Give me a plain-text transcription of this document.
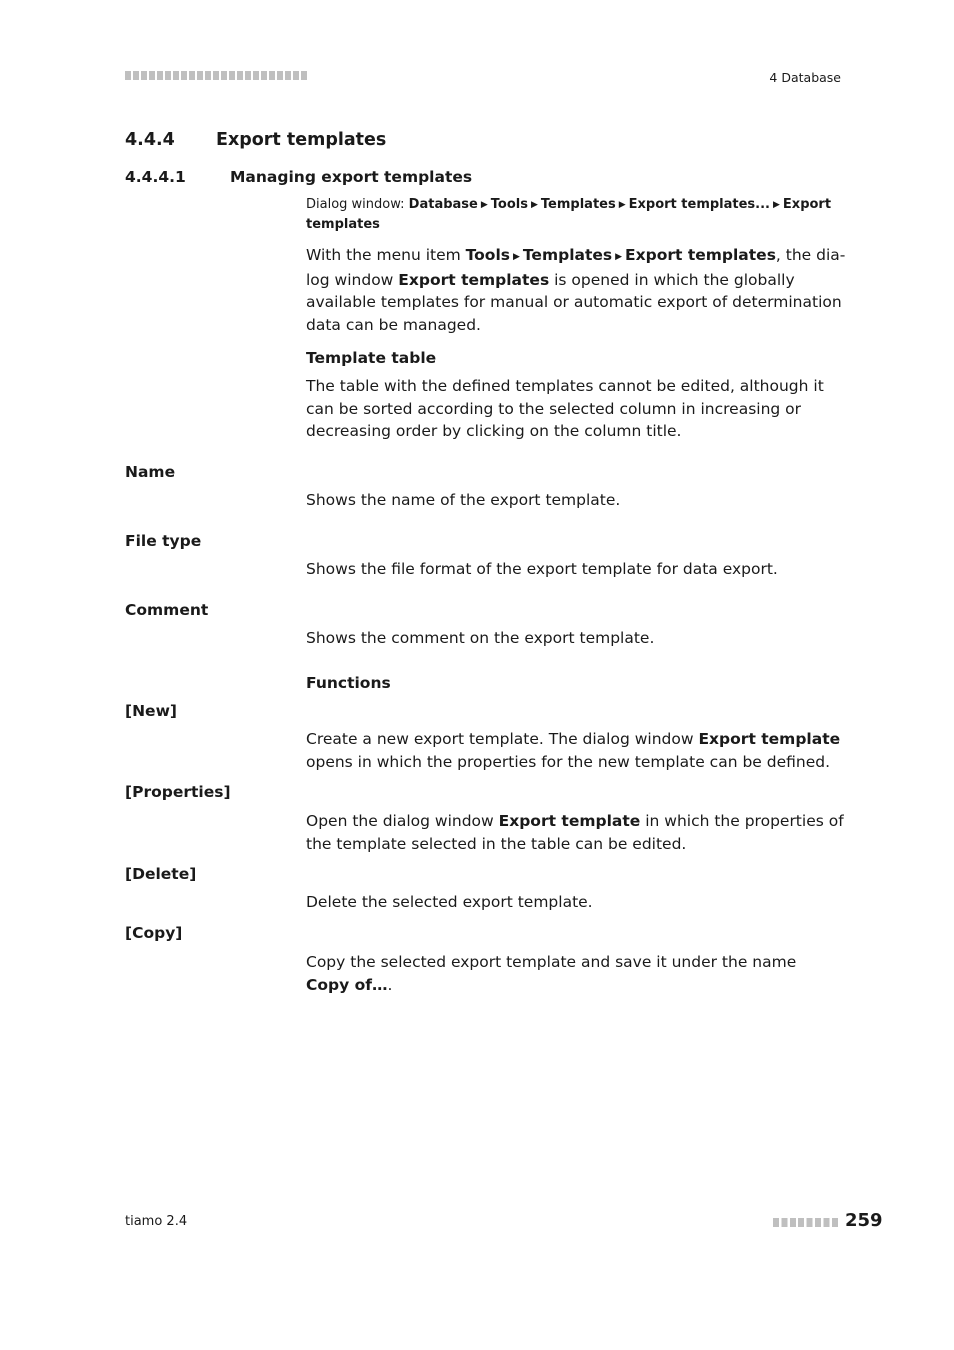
4 Database
4.4.4 Export templates
4.4.4.1	Managing export templates
Dialog window: Database ▶ Tools ▶ Templates ▶ Export templates... ▶ Export templates
With the menu item Tools ▶ Templates ▶ Export templates, the dia-log window Export templates is opened in which the globally available templates for manual or automatic export of determination data can be managed.
Template table
The table with the defined templates cannot be edited, although it can be sorted according to the selected column in increasing or decreasing order by clicking on the column title.
Name
Shows the name of the export template.
File type
Shows the file format of the export template for data export.
Comment
Shows the comment on the export template.
Functions
[New]
Create a new export template. The dialog window Export template opens in which the properties for the new template can be defined.
[Properties]
Open the dialog window Export template in which the properties of the template selected in the table can be edited.
[Delete]
Delete the selected export template.
[Copy]
Copy the selected export template and save it under the name Copy of….
tiamo 2.4	259
